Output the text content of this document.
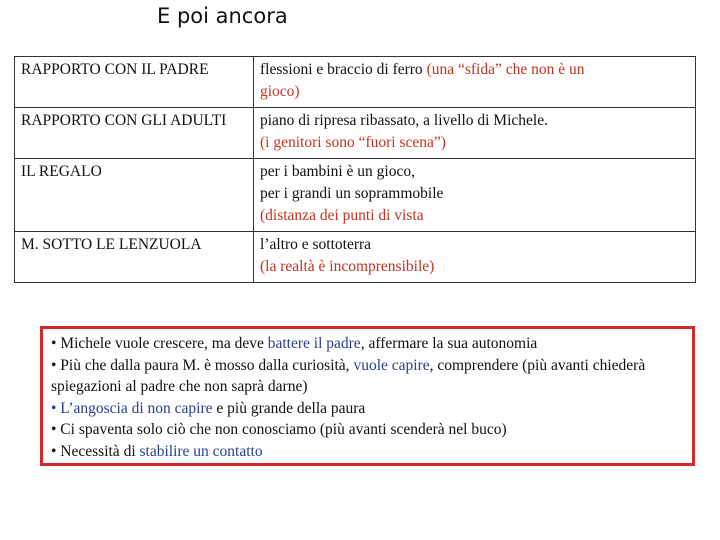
E poi ancora
RAPPORTO CON IL PADRE	flessioni e braccio di ferro (una “sfida” che non è un
gioco)

RAPPORTO CON GLI ADULTI	piano di ripresa ribassato, a livello di Michele.
(i genitori sono “fuori scena”)

IL REGALO	per i bambini è un gioco,
per i grandi un soprammobile
(distanza dei punti di vista

M. SOTTO LE LENZUOLA	l’altro e sottoterra
(la realtà è incomprensibile)

• Michele vuole crescere, ma deve battere il padre, affermare la sua autonomia

• Più che dalla paura M. è mosso dalla curiosità, vuole capire, comprendere (più avanti chiederà spiegazioni al padre che non saprà darne)

• L’angoscia di non capire e più grande della paura

• Ci spaventa solo ciò che non conosciamo (più avanti scenderà nel buco)

• Necessità di stabilire un contatto
